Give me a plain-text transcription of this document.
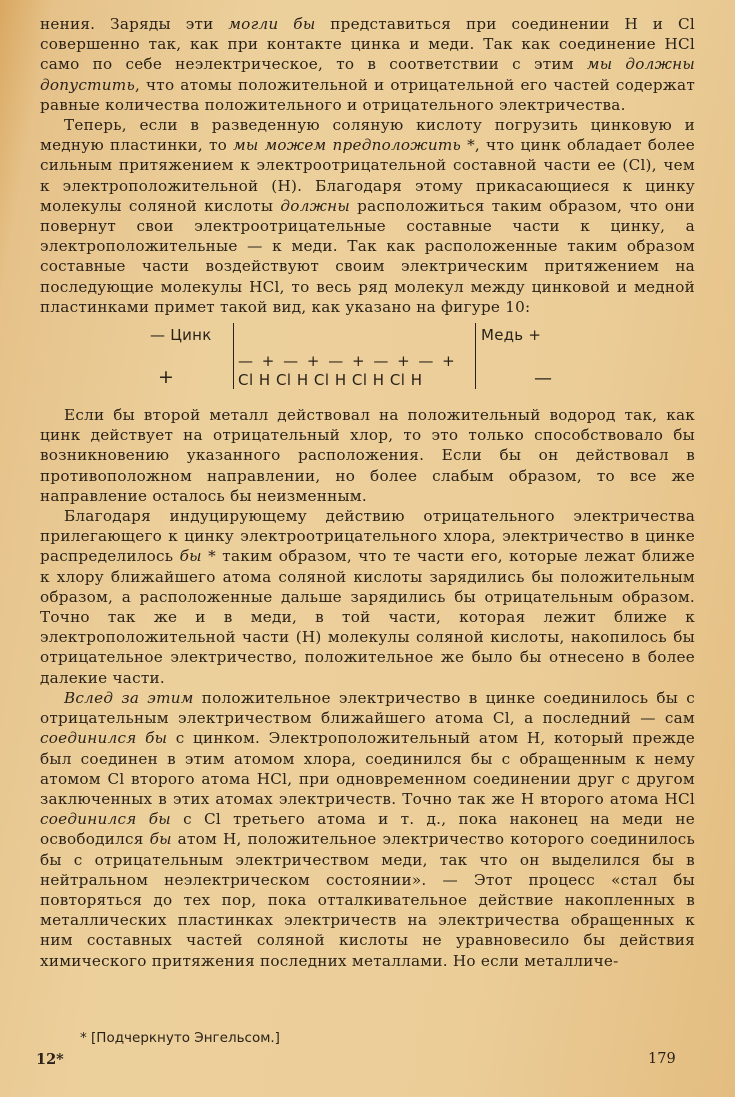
нения. Заряды эти могли бы представиться при соединении H и Cl совершенно так, как при контакте цинка и меди. Так как соединение HCl само по себе неэлектрическое, то в соответствии с этим мы должны допустить, что атомы положительной и отрицательной его частей содержат равные количества положительного и отрицательного электричества.

Теперь, если в разведенную соляную кислоту погрузить цинковую и медную пластинки, то мы можем предположить *, что цинк обладает более сильным притяжением к электроотрицательной составной части ее (Cl), чем к электроположительной (H). Благодаря этому прикасающиеся к цинку молекулы соляной кислоты должны расположиться таким образом, что они повернут свои электроотрицательные составные части к цинку, а электроположительные — к меди. Так как расположенные таким образом составные части воздействуют своим электрическим притяжением на последующие молекулы HCl, то весь ряд молекул между цинковой и медной пластинками примет такой вид, как указано на фигуре 10:

— Цинк
+
— + — + — + — + — +
Cl H Cl H Cl H Cl H Cl H
Медь +
—

Если бы второй металл действовал на положительный водород так, как цинк действует на отрицательный хлор, то это только способствовало бы возникновению указанного расположения. Если бы он действовал в противоположном направлении, но более слабым образом, то все же направление осталось бы неизменным.

Благодаря индуцирующему действию отрицательного электричества прилегающего к цинку электроотрицательного хлора, электричество в цинке распределилось бы * таким образом, что те части его, которые лежат ближе к хлору ближайшего атома соляной кислоты зарядились бы положительным образом, а расположенные дальше зарядились бы отрицательным образом. Точно так же и в меди, в той части, которая лежит ближе к электроположительной части (H) молекулы соляной кислоты, накопилось бы отрицательное электричество, положительное же было бы отнесено в более далекие части.

Вслед за этим положительное электричество в цинке соединилось бы с отрицательным электричеством ближайшего атома Cl, а последний — сам соединился бы с цинком. Электроположительный атом H, который прежде был соединен в этим атомом хлора, соединился бы с обращенным к нему атомом Cl второго атома HCl, при одновременном соединении друг с другом заключенных в этих атомах электричеств. Точно так же H второго атома HCl соединился бы с Cl третьего атома и т. д., пока наконец на меди не освободился бы атом H, положительное электричество которого соединилось бы с отрицательным электричеством меди, так что он выделился бы в нейтральном неэлектрическом состоянии». — Этот процесс «стал бы повторяться до тех пор, пока отталкивательное действие накопленных в металлических пластинках электричеств на электричества обращенных к ним составных частей соляной кислоты не уравновесило бы действия химического притяжения последних металлами. Но если металличе-

* [Подчеркнуто Энгельсом.]
12*	179
